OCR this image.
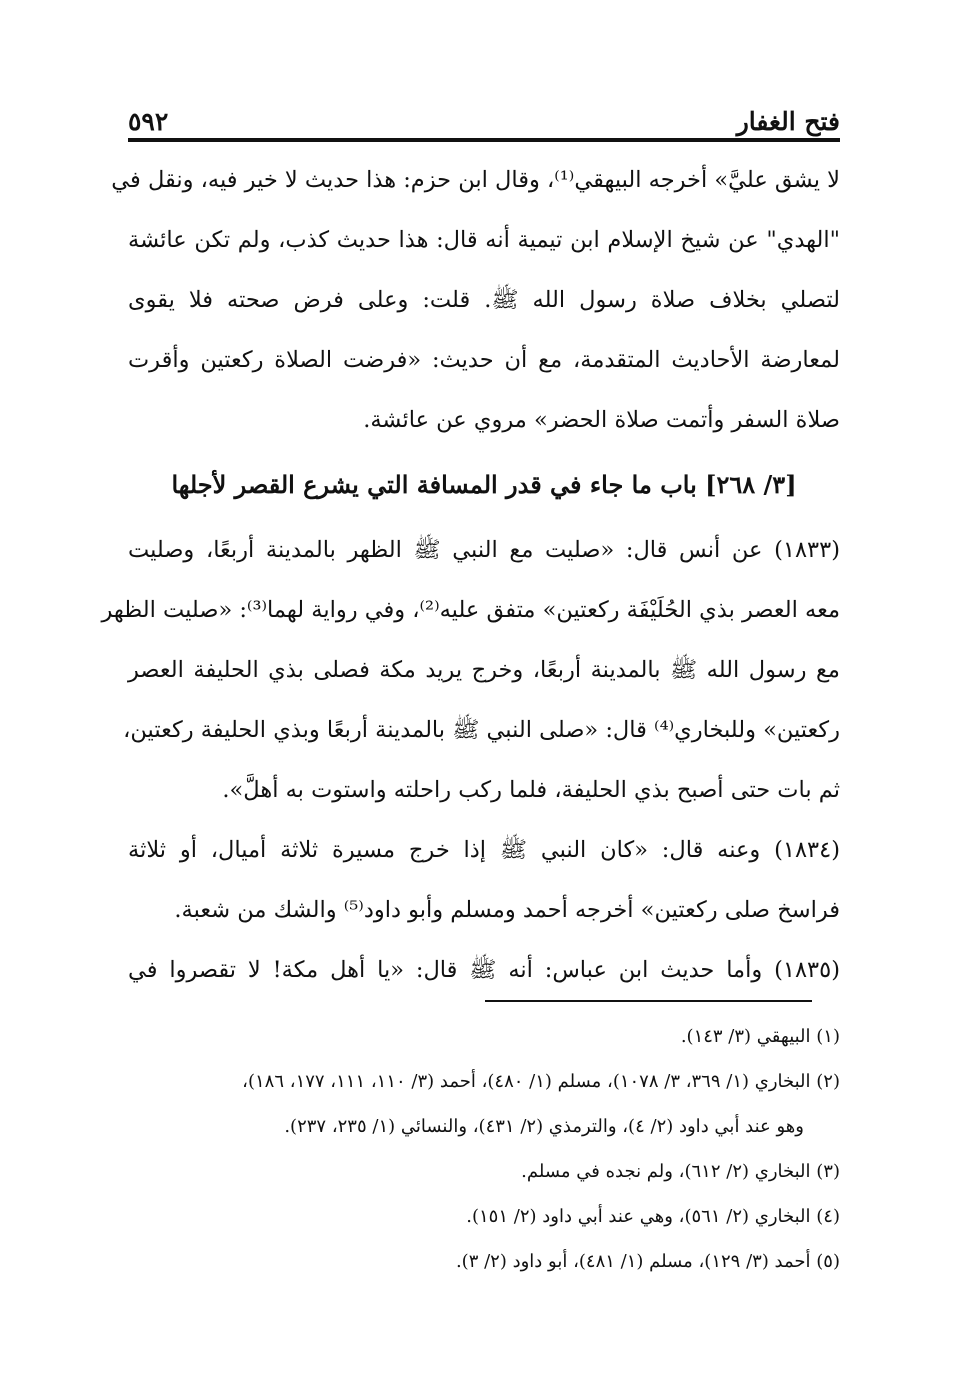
٥٩٢	فتح الغفار
لا يشق عليَّ» أخرجه البيهقي⁽¹⁾، وقال ابن حزم: هذا حديث لا خير فيه، ونقل في
"الهدي" عن شيخ الإسلام ابن تيمية أنه قال: هذا حديث كذب، ولم تكن عائشة
لتصلي بخلاف صلاة رسول الله ﷺ. قلت: وعلى فرض صحته فلا يقوى
لمعارضة الأحاديث المتقدمة، مع أن حديث: «فرضت الصلاة ركعتين وأقرت
صلاة السفر وأتمت صلاة الحضر» مروي عن عائشة.
[٣/ ٢٦٨] باب ما جاء في قدر المسافة التي يشرع القصر لأجلها
(١٨٣٣) عن أنس قال: «صليت مع النبي ﷺ الظهر بالمدينة أربعًا، وصليت
معه العصر بذي الحُلَيْفَة ركعتين» متفق عليه⁽²⁾، وفي رواية لهما⁽³⁾: «صليت الظهر
مع رسول الله ﷺ بالمدينة أربعًا، وخرج يريد مكة فصلى بذي الحليفة العصر
ركعتين» وللبخاري⁽⁴⁾ قال: «صلى النبي ﷺ بالمدينة أربعًا وبذي الحليفة ركعتين،
ثم بات حتى أصبح بذي الحليفة، فلما ركب راحلته واستوت به أهلَّ».
(١٨٣٤) وعنه قال: «كان النبي ﷺ إذا خرج مسيرة ثلاثة أميال، أو ثلاثة
فراسخ صلى ركعتين» أخرجه أحمد ومسلم وأبو داود⁽⁵⁾ والشك من شعبة.
(١٨٣٥) وأما حديث ابن عباس: أنه ﷺ قال: «يا أهل مكة! لا تقصروا في
(١) البيهقي (٣/ ١٤٣).
(٢) البخاري (١/ ٣٦٩، ٣/ ١٠٧٨)، مسلم (١/ ٤٨٠)، أحمد (٣/ ١١٠، ١١١، ١٧٧، ١٨٦)،
وهو عند أبي داود (٢/ ٤)، والترمذي (٢/ ٤٣١)، والنسائي (١/ ٢٣٥، ٢٣٧).
(٣) البخاري (٢/ ٦١٢)، ولم نجده في مسلم.
(٤) البخاري (٢/ ٥٦١)، وهي عند أبي داود (٢/ ١٥١).
(٥) أحمد (٣/ ١٢٩)، مسلم (١/ ٤٨١)، أبو داود (٢/ ٣).
